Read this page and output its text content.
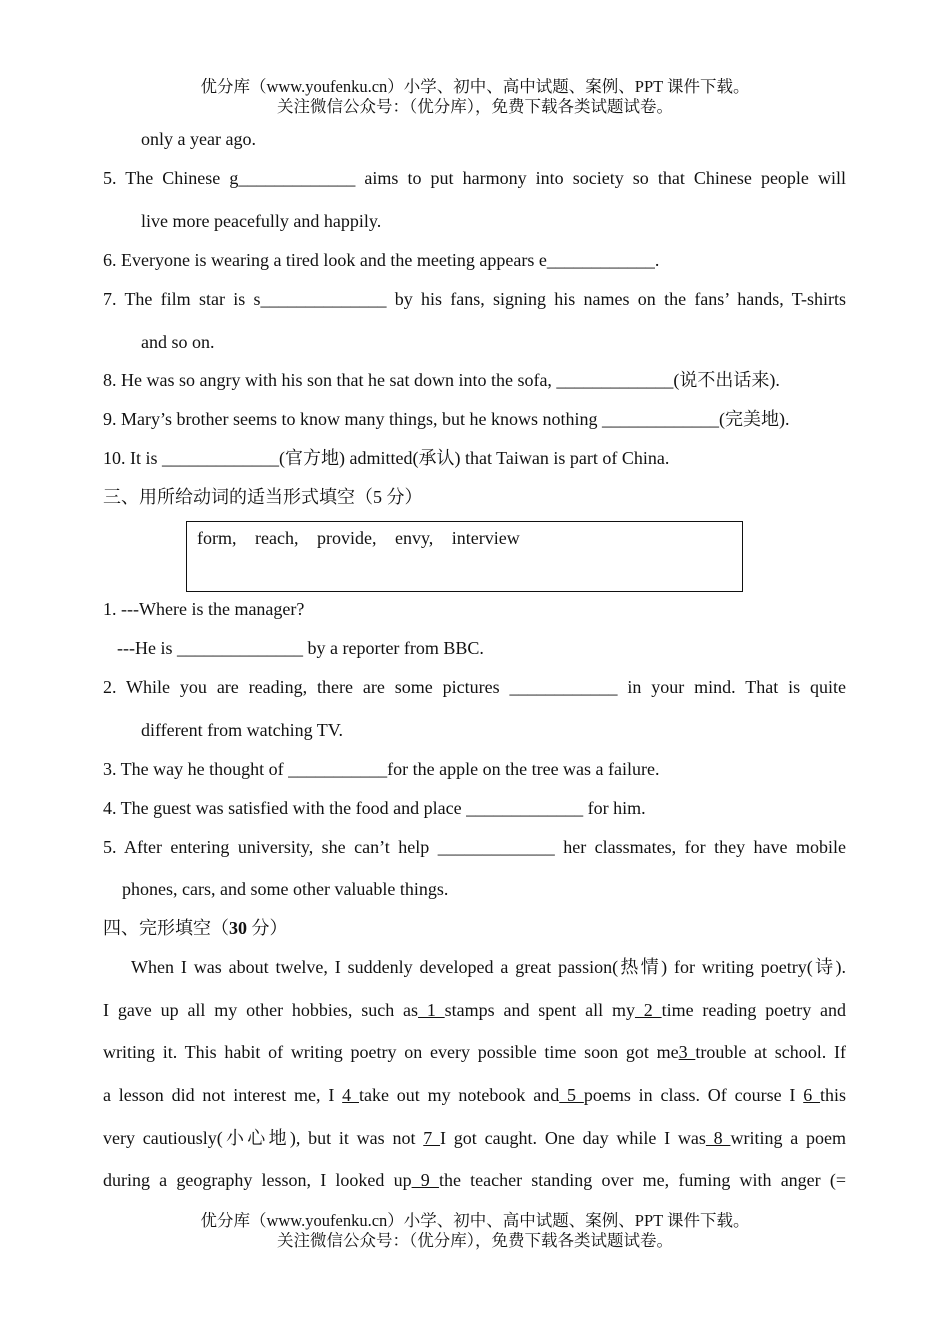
优分库（www.youfenku.cn）小学、初中、高中试题、案例、PPT 课件下载。
关注微信公众号：（优分库），免费下载各类试题试卷。
only a year ago.
5. The Chinese g_____________ aims to put harmony into society so that Chinese people will
live more peacefully and happily.
6. Everyone is wearing a tired look and the meeting appears e____________.
7. The film star is s______________ by his fans, signing his names on the fans’ hands, T-shirts
and so on.
8. He was so angry with his son that he sat down into the sofa, _____________(说不出话来).
9. Mary’s brother seems to know many things, but he knows nothing _____________(完美地).
10. It is _____________(官方地) admitted(承认) that Taiwan is part of China.
三、用所给动词的适当形式填空（5 分）
form, reach, provide, envy, interview
1. ---Where is the manager?
---He is ______________ by a reporter from BBC.
2. While you are reading, there are some pictures ____________ in your mind. That is quite
different from watching TV.
3. The way he thought of ___________for the apple on the tree was a failure.
4. The guest was satisfied with the food and place _____________ for him.
5. After entering university, she can’t help _____________ her classmates, for they have mobile
phones, cars, and some other valuable things.
四、完形填空（30 分）
When I was about twelve, I suddenly developed a great passion(热情) for writing poetry(诗).
I gave up all my other hobbies, such as 1 stamps and spent all my 2 time reading poetry and
writing it. This habit of writing poetry on every possible time soon got me3 trouble at school. If
a lesson did not interest me, I 4 take out my notebook and 5 poems in class. Of course I 6 this
very cautiously(小心地), but it was not 7 I got caught. One day while I was 8 writing a poem
during a geography lesson, I looked up 9 the teacher standing over me, fuming with anger (=
优分库（www.youfenku.cn）小学、初中、高中试题、案例、PPT 课件下载。
关注微信公众号：（优分库），免费下载各类试题试卷。
